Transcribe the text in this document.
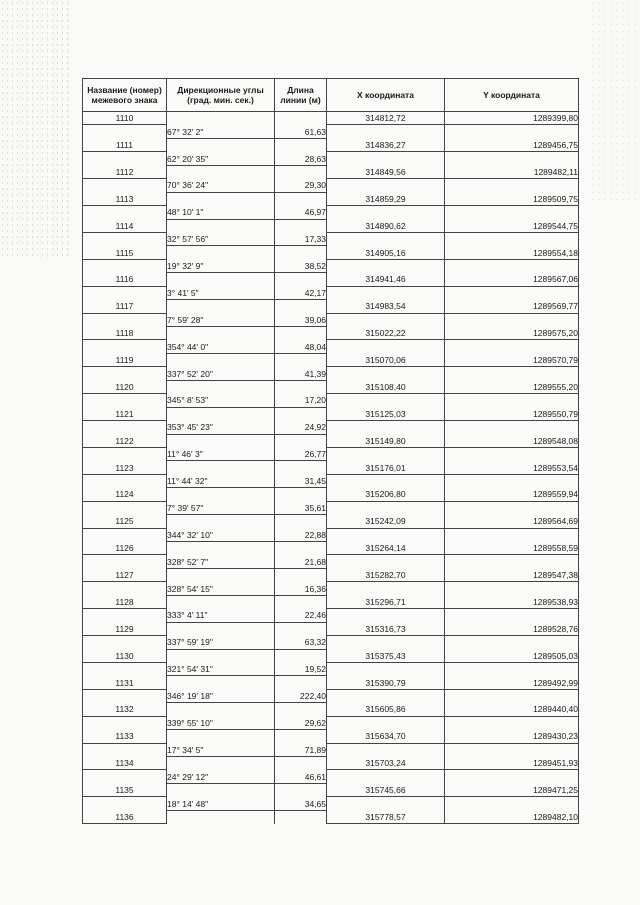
Название (номер) межевого знака	Дирекционные углы (град. мин. сек.)	Длина линии (м)	Х координата	Y координата
1110			314812,72	1289399,80
	67° 32' 2"	61,63		
1111			314836,27	1289456,75
	62° 20' 35"	28,63		
1112			314849,56	1289482,11
	70° 36' 24"	29,30		
1113			314859,29	1289509,75
	48° 10' 1"	46,97		
1114			314890,62	1289544,75
	32° 57' 56"	17,33		
1115			314905,16	1289554,18
	19° 32' 9"	38,52		
1116			314941,46	1289567,06
	3° 41' 5"	42,17		
1117			314983,54	1289569,77
	7° 59' 28"	39,06		
1118			315022,22	1289575,20
	354° 44' 0"	48,04		
1119			315070,06	1289570,79
	337° 52' 20"	41,39		
1120			315108,40	1289555,20
	345° 8' 53"	17,20		
1121			315125,03	1289550,79
	353° 45' 23"	24,92		
1122			315149,80	1289548,08
	11° 46' 3"	26,77		
1123			315176,01	1289553,54
	11° 44' 32"	31,45		
1124			315206,80	1289559,94
	7° 39' 57"	35,61		
1125			315242,09	1289564,69
	344° 32' 10"	22,88		
1126			315264,14	1289558,59
	328° 52' 7"	21,68		
1127			315282,70	1289547,38
	328° 54' 15"	16,36		
1128			315296,71	1289538,93
	333° 4' 11"	22,46		
1129			315316,73	1289528,76
	337° 59' 19"	63,32		
1130			315375,43	1289505,03
	321° 54' 31"	19,52		
1131			315390,79	1289492,99
	346° 19' 18"	222,40		
1132			315605,86	1289440,40
	339° 55' 10"	29,62		
1133			315634,70	1289430,23
	17° 34' 5"	71,89		
1134			315703,24	1289451,93
	24° 29' 12"	46,61		
1135			315745,66	1289471,25
	18° 14' 48"	34,65		
1136			315778,57	1289482,10
